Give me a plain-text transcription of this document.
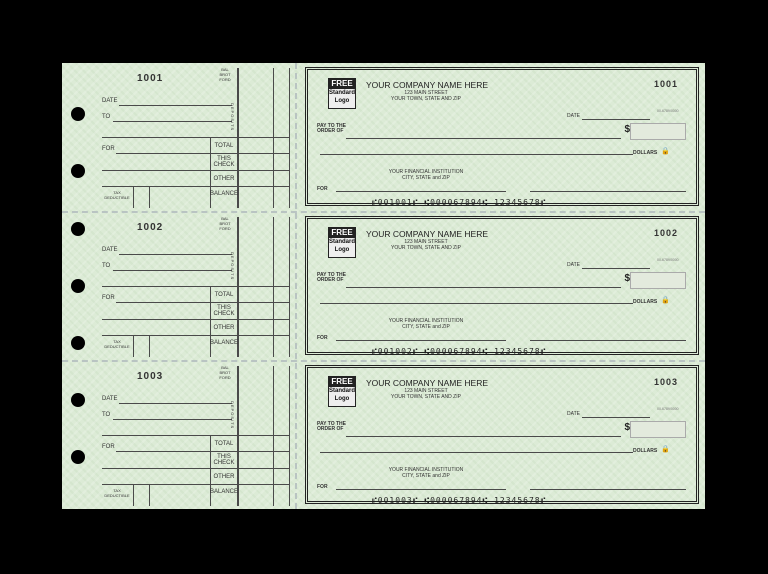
1001
BAL BROT FORD
DEPOSITS
DATE
TO
FOR	TOTAL
THIS CHECK
OTHER
BALANCE
TAX DEDUCTIBLE
FREE
Standard
Logo
YOUR COMPANY NAME HERE
123 MAIN STREET
YOUR TOWN, STATE AND ZIP
1001
DATE
00-6789/0000
PAY TO THE ORDER OF	$
DOLLARS 🔒
YOUR FINANCIAL INSTITUTION
CITY, STATE and ZIP
FOR
⑈001001⑈ ⑆000067894⑆ 12345678⑈
1002
BAL BROT FORD
DEPOSITS
DATE
TO
FOR	TOTAL
THIS CHECK
OTHER
BALANCE
TAX DEDUCTIBLE
FREE
Standard
Logo
YOUR COMPANY NAME HERE
123 MAIN STREET
YOUR TOWN, STATE AND ZIP
1002
DATE
00-6789/0000
PAY TO THE ORDER OF	$
DOLLARS 🔒
YOUR FINANCIAL INSTITUTION
CITY, STATE and ZIP
FOR
⑈001002⑈ ⑆000067894⑆ 12345678⑈
1003
BAL BROT FORD
DEPOSITS
DATE
TO
FOR	TOTAL
THIS CHECK
OTHER
BALANCE
TAX DEDUCTIBLE
FREE
Standard
Logo
YOUR COMPANY NAME HERE
123 MAIN STREET
YOUR TOWN, STATE AND ZIP
1003
DATE
00-6789/0000
PAY TO THE ORDER OF	$
DOLLARS 🔒
YOUR FINANCIAL INSTITUTION
CITY, STATE and ZIP
FOR
⑈001003⑈ ⑆000067894⑆ 12345678⑈
